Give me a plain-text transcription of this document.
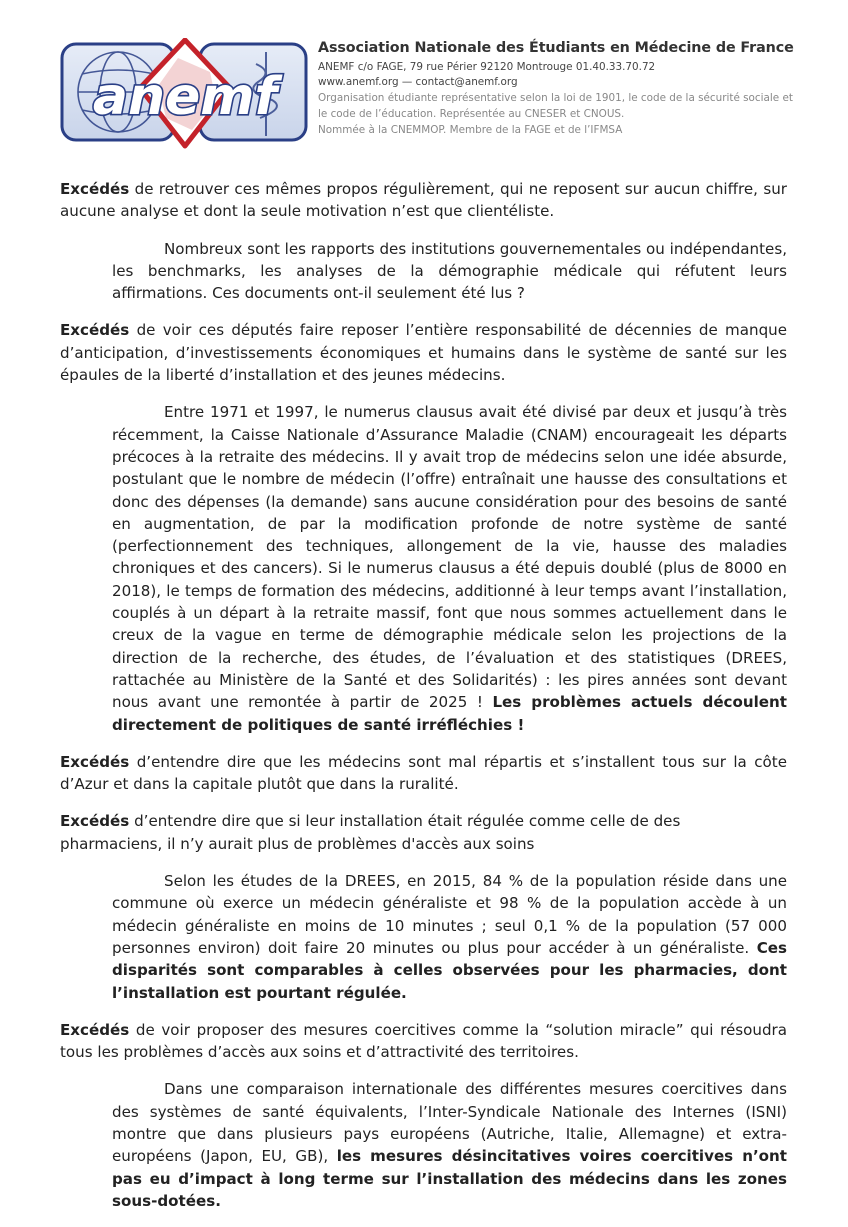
anemf
Association Nationale des Étudiants en Médecine de France
ANEMF c/o FAGE, 79 rue Périer 92120 Montrouge 01.40.33.70.72
www.anemf.org — contact@anemf.org
Organisation étudiante représentative selon la loi de 1901, le code de la sécurité sociale et
le code de l’éducation. Représentée au CNESER et CNOUS.
Nommée à la CNEMMOP. Membre de la FAGE et de l’IFMSA

Excédés de retrouver ces mêmes propos régulièrement, qui ne reposent sur aucun chiffre, sur aucune analyse et dont la seule motivation n’est que clientéliste.

Nombreux sont les rapports des institutions gouvernementales ou indépendantes, les benchmarks, les analyses de la démographie médicale qui réfutent leurs affirmations. Ces documents ont-il seulement été lus ?

Excédés de voir ces députés faire reposer l’entière responsabilité de décennies de manque d’anticipation, d’investissements économiques et humains dans le système de santé sur les épaules de la liberté d’installation et des jeunes médecins.

Entre 1971 et 1997, le numerus clausus avait été divisé par deux et jusqu’à très récemment, la Caisse Nationale d’Assurance Maladie (CNAM) encourageait les départs précoces à la retraite des médecins. Il y avait trop de médecins selon une idée absurde, postulant que le nombre de médecin (l’offre) entraînait une hausse des consultations et donc des dépenses (la demande) sans aucune considération pour des besoins de santé en augmentation, de par la modification profonde de notre système de santé (perfectionnement des techniques, allongement de la vie, hausse des maladies chroniques et des cancers). Si le numerus clausus a été depuis doublé (plus de 8000 en 2018), le temps de formation des médecins, additionné à leur temps avant l’installation, couplés à un départ à la retraite massif, font que nous sommes actuellement dans le creux de la vague en terme de démographie médicale selon les projections de la direction de la recherche, des études, de l’évaluation et des statistiques (DREES, rattachée au Ministère de la Santé et des Solidarités) : les pires années sont devant nous avant une remontée à partir de 2025 ! Les problèmes actuels découlent directement de politiques de santé irréfléchies !

Excédés d’entendre dire que les médecins sont mal répartis et s’installent tous sur la côte d’Azur et dans la capitale plutôt que dans la ruralité.

Excédés d’entendre dire que si leur installation était régulée comme celle de des pharmaciens, il n’y aurait plus de problèmes d'accès aux soins

Selon les études de la DREES, en 2015, 84 % de la population réside dans une commune où exerce un médecin généraliste et 98 % de la population accède à un médecin généraliste en moins de 10 minutes ; seul 0,1 % de la population (57 000 personnes environ) doit faire 20 minutes ou plus pour accéder à un généraliste. Ces disparités sont comparables à celles observées pour les pharmacies, dont l’installation est pourtant régulée.

Excédés de voir proposer des mesures coercitives comme la “solution miracle” qui résoudra tous les problèmes d’accès aux soins et d’attractivité des territoires.

Dans une comparaison internationale des différentes mesures coercitives dans des systèmes de santé équivalents, l’Inter-Syndicale Nationale des Internes (ISNI) montre que dans plusieurs pays européens (Autriche, Italie, Allemagne) et extra-européens (Japon, EU, GB), les mesures désincitatives voires coercitives n’ont pas eu d’impact à long terme sur l’installation des médecins dans les zones sous-dotées.
